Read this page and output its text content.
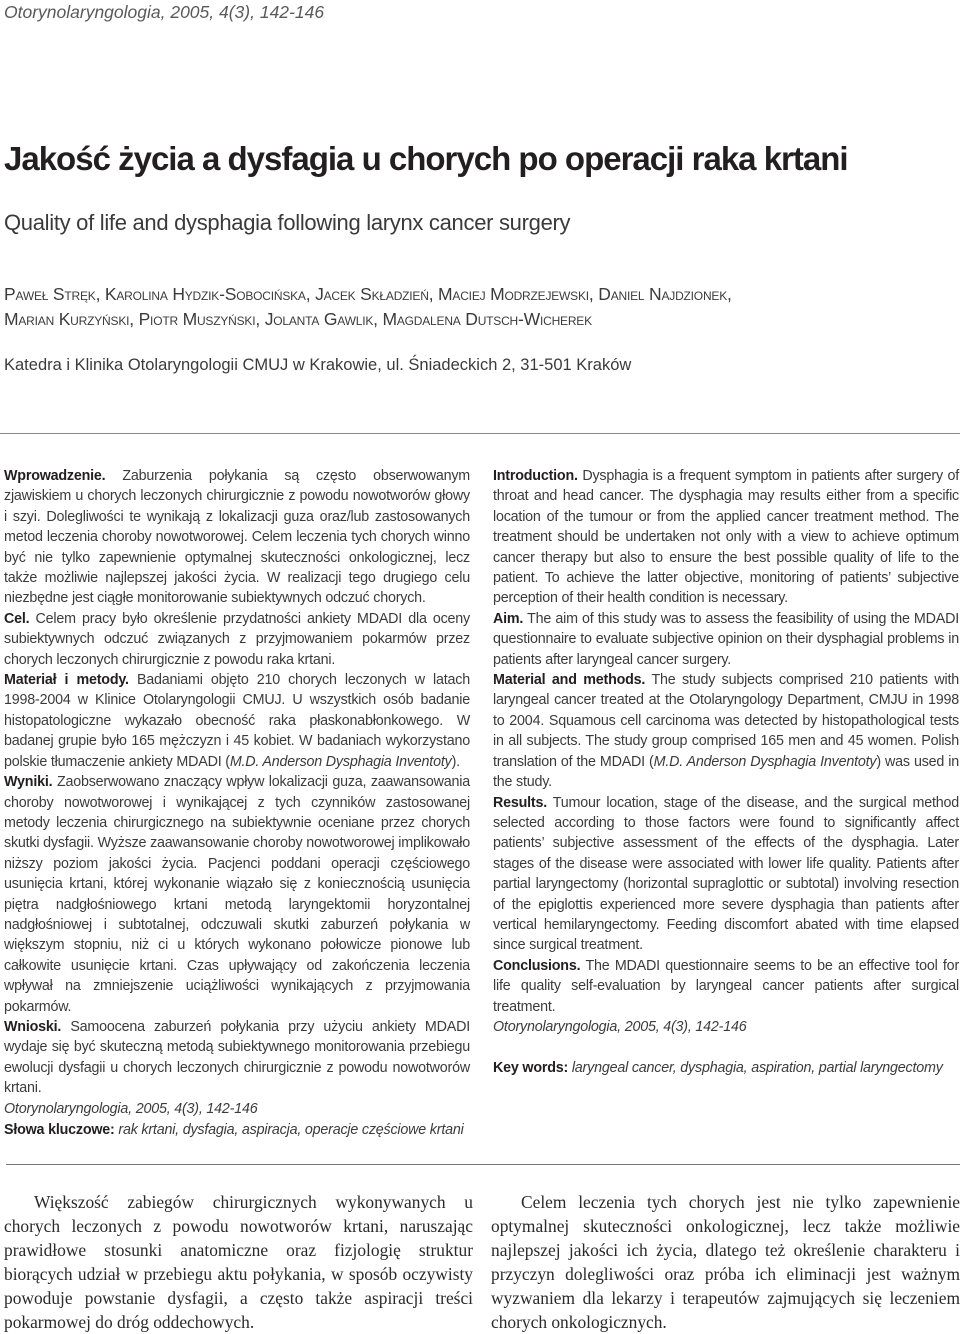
Otorynolaryngologia, 2005, 4(3), 142-146
Jakość życia a dysfagia u chorych po operacji raka krtani
Quality of life and dysphagia following larynx cancer surgery
Paweł Stręk, Karolina Hydzik-Sobocińska, Jacek Składzień, Maciej Modrzejewski, Daniel Najdzionek,
Marian Kurzyński, Piotr Muszyński, Jolanta Gawlik, Magdalena Dutsch-Wicherek
Katedra i Klinika Otolaryngologii CMUJ w Krakowie, ul. Śniadeckich 2, 31-501 Kraków

Wprowadzenie. Zaburzenia połykania są często obserwowanym zjawiskiem u chorych leczonych chirurgicznie z powodu nowotworów głowy i szyi. Dolegliwości te wynikają z lokalizacji guza oraz/lub zastosowanych metod leczenia choroby nowotworowej. Celem leczenia tych chorych winno być nie tylko zapewnienie optymalnej skuteczności onkologicznej, lecz także możliwie najlepszej jakości życia. W realizacji tego drugiego celu niezbędne jest ciągłe monitorowanie subiektywnych odczuć chorych.

Cel. Celem pracy było określenie przydatności ankiety MDADI dla oceny subiektywnych odczuć związanych z przyjmowaniem pokarmów przez chorych leczonych chirurgicznie z powodu raka krtani.

Materiał i metody. Badaniami objęto 210 chorych leczonych w latach 1998-2004 w Klinice Otolaryngologii CMUJ. U wszystkich osób badanie histopatologiczne wykazało obecność raka płaskonabłonkowego. W badanej grupie było 165 mężczyzn i 45 kobiet. W badaniach wykorzystano polskie tłumaczenie ankiety MDADI (M.D. Anderson Dysphagia Inventoty).

Wyniki. Zaobserwowano znaczący wpływ lokalizacji guza, zaawansowania choroby nowotworowej i wynikającej z tych czynników zastosowanej metody leczenia chirurgicznego na subiektywnie oceniane przez chorych skutki dysfagii. Wyższe zaawansowanie choroby nowotworowej implikowało niższy poziom jakości życia. Pacjenci poddani operacji częściowego usunięcia krtani, której wykonanie wiązało się z koniecznością usunięcia piętra nadgłośniowego krtani metodą laryngektomii horyzontalnej nadgłośniowej i subtotalnej, odczuwali skutki zaburzeń połykania w większym stopniu, niż ci u których wykonano połowicze pionowe lub całkowite usunięcie krtani. Czas upływający od zakończenia leczenia wpływał na zmniejszenie uciążliwości wynikających z przyjmowania pokarmów.

Wnioski. Samoocena zaburzeń połykania przy użyciu ankiety MDADI wydaje się być skuteczną metodą subiektywnego monitorowania przebiegu ewolucji dysfagii u chorych leczonych chirurgicznie z powodu nowotworów krtani.

Otorynolaryngologia, 2005, 4(3), 142-146

Introduction. Dysphagia is a frequent symptom in patients after surgery of throat and head cancer. The dysphagia may results either from a specific location of the tumour or from the applied cancer treatment method. The treatment should be undertaken not only with a view to achieve optimum cancer therapy but also to ensure the best possible quality of life to the patient. To achieve the latter objective, monitoring of patients’ subjective perception of their health condition is necessary.

Aim. The aim of this study was to assess the feasibility of using the MDADI questionnaire to evaluate subjective opinion on their dysphagial problems in patients after laryngeal cancer surgery.

Material and methods. The study subjects comprised 210 patients with laryngeal cancer treated at the Otolaryngology Department, CMJU in 1998 to 2004. Squamous cell carcinoma was detected by histopathological tests in all subjects. The study group comprised 165 men and 45 women. Polish translation of the MDADI (M.D. Anderson Dysphagia Inventoty) was used in the study.

Results. Tumour location, stage of the disease, and the surgical method selected according to those factors were found to significantly affect patients’ subjective assessment of the effects of the dysphagia. Later stages of the disease were associated with lower life quality. Patients after partial laryngectomy (horizontal supraglottic or subtotal) involving resection of the epiglottis experienced more severe dysphagia than patients after vertical hemilaryngectomy. Feeding discomfort abated with time elapsed since surgical treatment.

Conclusions. The MDADI questionnaire seems to be an effective tool for life quality self-evaluation by laryngeal cancer patients after surgical treatment.

Otorynolaryngologia, 2005, 4(3), 142-146

Key words: laryngeal cancer, dysphagia, aspiration, partial laryngectomy
Słowa kluczowe: rak krtani, dysfagia, aspiracja, operacje częściowe krtani

Większość zabiegów chirurgicznych wykonywanych u chorych leczonych z powodu nowotworów krtani, naruszając prawidłowe stosunki anatomiczne oraz fizjologię struktur biorących udział w przebiegu aktu połykania, w sposób oczywisty powoduje powstanie dysfagii, a często także aspiracji treści pokarmowej do dróg oddechowych.

Celem leczenia tych chorych jest nie tylko zapewnienie optymalnej skuteczności onkologicznej, lecz także możliwie najlepszej jakości ich życia, dlatego też określenie charakteru i przyczyn dolegliwości oraz próba ich eliminacji jest ważnym wyzwaniem dla lekarzy i terapeutów zajmujących się leczeniem chorych onkologicznych.
